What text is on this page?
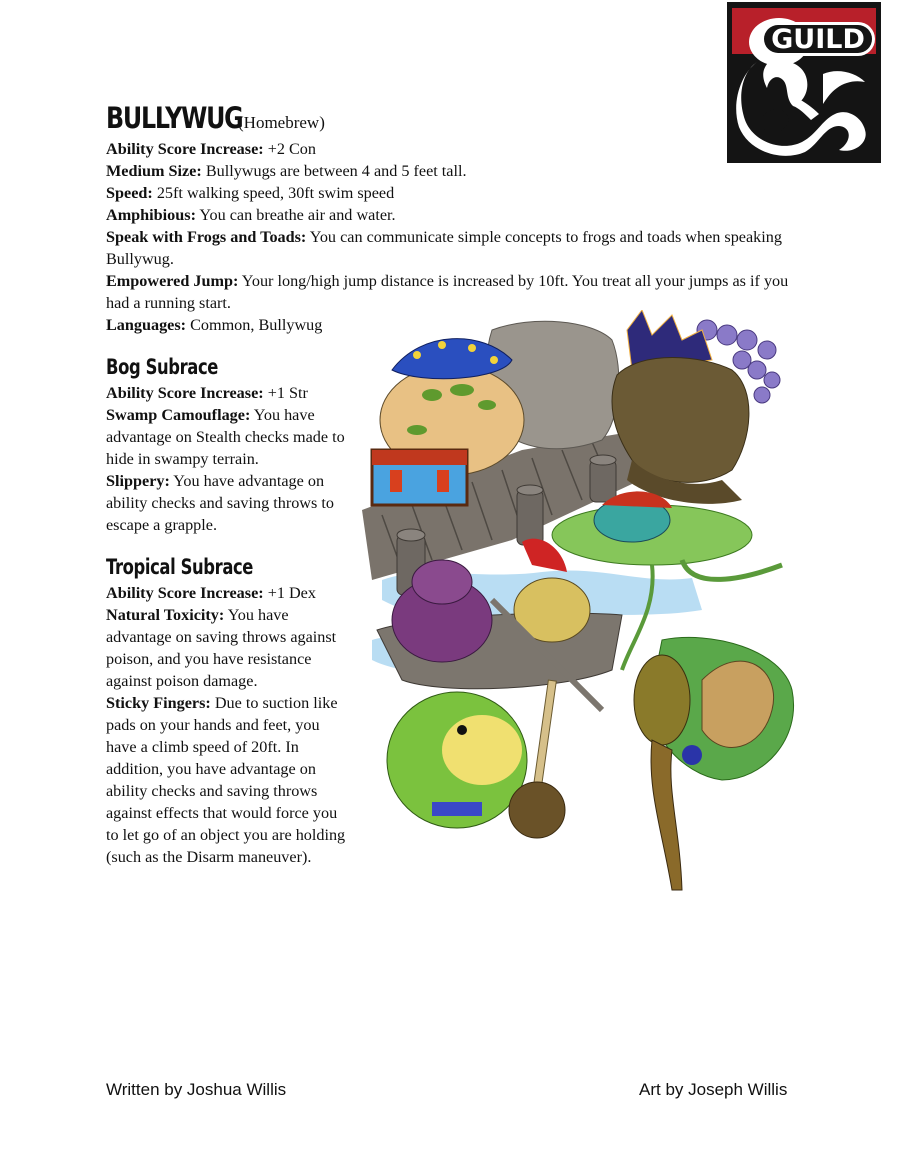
GUILD
BULLYWUG
(Homebrew)
Ability Score Increase: +2 Con
Medium Size: Bullywugs are between 4 and 5 feet tall.
Speed: 25ft walking speed, 30ft swim speed
Amphibious: You can breathe air and water.
Speak with Frogs and Toads: You can communicate simple concepts to frogs and toads when speaking Bullywug.
Empowered Jump: Your long/high jump distance is increased by 10ft. You treat all your jumps as if you had a running start.
Languages: Common, Bullywug
Bog Subrace
Ability Score Increase: +1 Str
Swamp Camouflage: You have advantage on Stealth checks made to hide in swampy terrain.
Slippery: You have advantage on ability checks and saving throws to escape a grapple.
Tropical Subrace
Ability Score Increase: +1 Dex
Natural Toxicity: You have advantage on saving throws against poison, and you have resistance against poison damage.
Sticky Fingers: Due to suction like pads on your hands and feet, you have a climb speed of 20ft. In addition, you have advantage on ability checks and saving throws against effects that would force you to let go of an object you are holding (such as the Disarm maneuver).
Written by Joshua Willis	Art by Joseph Willis
